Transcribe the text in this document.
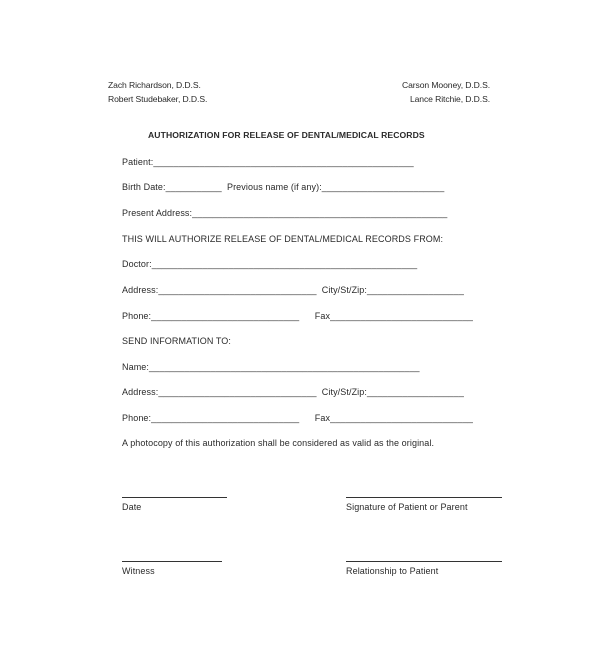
Zach Richardson, D.D.S.
Robert Studebaker, D.D.S.
Carson Mooney, D.D.S.
Lance Ritchie, D.D.S.
AUTHORIZATION FOR RELEASE OF DENTAL/MEDICAL RECORDS
Patient:___________________________________________________
Birth Date:___________  Previous name (if any):________________________
Present Address:__________________________________________________
THIS WILL AUTHORIZE RELEASE OF DENTAL/MEDICAL RECORDS FROM:
Doctor:____________________________________________________
Address:_______________________________  City/St/Zip:___________________
Phone:_____________________________      Fax____________________________
SEND INFORMATION TO:
Name:_____________________________________________________
Address:_______________________________  City/St/Zip:___________________
Phone:_____________________________      Fax____________________________
A photocopy of this authorization shall be considered as valid as the original.
Date	Signature of Patient or Parent
Witness	Relationship to Patient
